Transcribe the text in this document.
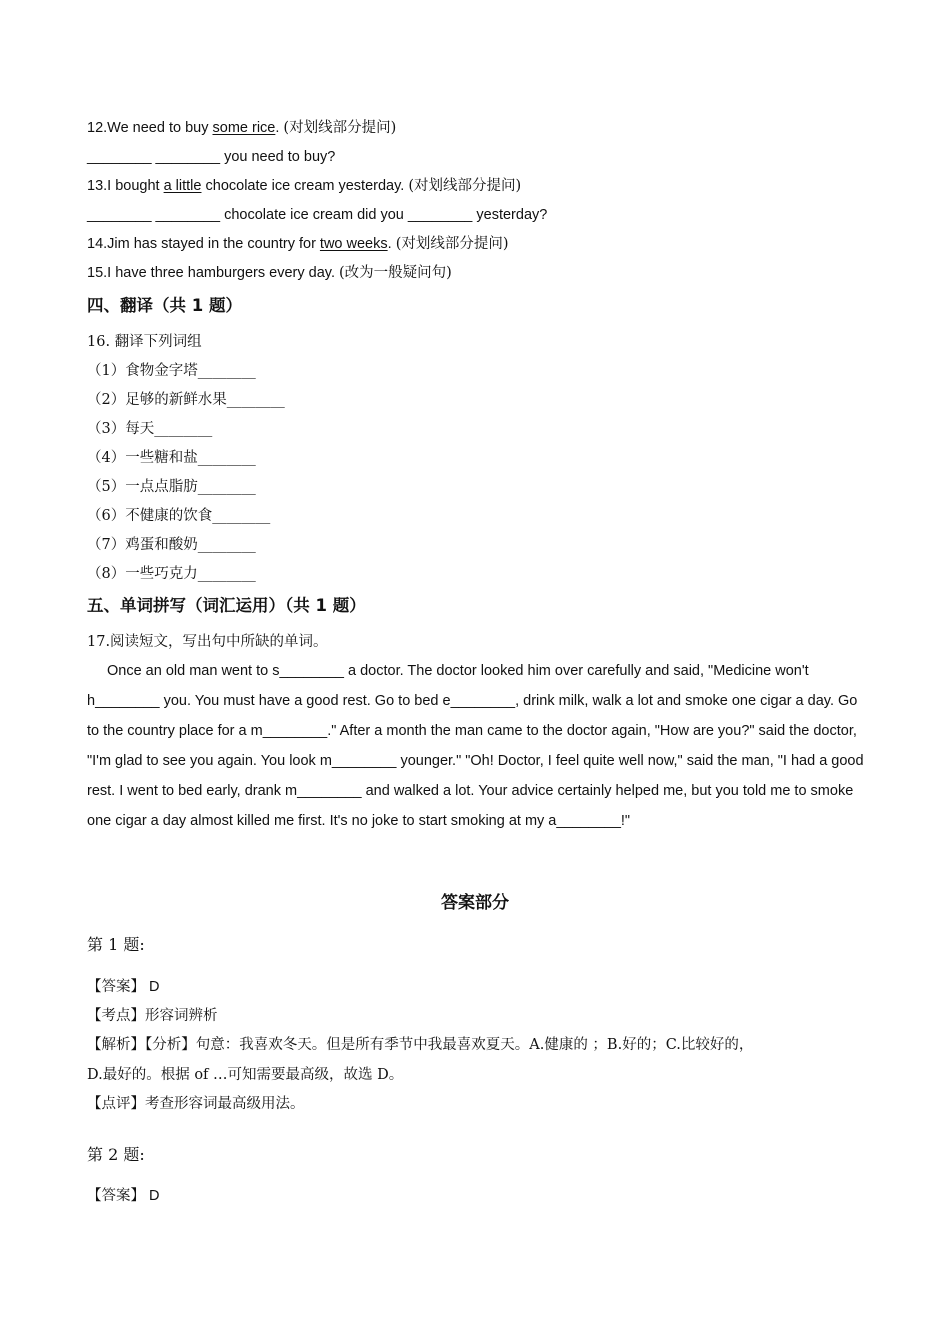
12.We need to buy some rice. (对划线部分提问)
________ ________ you need to buy?
13.I bought a little chocolate ice cream yesterday. (对划线部分提问)
________ ________ chocolate ice cream did you ________ yesterday?
14.Jim has stayed in the country for two weeks. (对划线部分提问)
15.I have three hamburgers every day. (改为一般疑问句)
四、翻译（共 1 题）
16. 翻译下列词组
（1）食物金字塔________
（2）足够的新鲜水果________
（3）每天________
（4）一些糖和盐________
（5）一点点脂肪________
（6）不健康的饮食________
（7）鸡蛋和酸奶________
（8）一些巧克力________
五、单词拼写（词汇运用）（共 1 题）
17.阅读短文，写出句中所缺的单词。
Once an old man went to s________ a doctor. The doctor looked him over carefully and said, "Medicine won't h________ you. You must have a good rest. Go to bed e________, drink milk, walk a lot and smoke one cigar a day. Go to the country place for a m________." After a month the man came to the doctor again, "How are you?" said the doctor, "I'm glad to see you again. You look m________ younger." "Oh! Doctor, I feel quite well now," said the man, "I had a good rest. I went to bed early, drank m________ and walked a lot. Your advice certainly helped me, but you told me to smoke one cigar a day almost killed me first. It's no joke to start smoking at my a________!"
答案部分
第 1 题:
【答案】 D
【考点】形容词辨析
【解析】【分析】句意：我喜欢冬天。但是所有季节中我最喜欢夏天。A.健康的 ；B.好的；C.比较好的，
D.最好的。根据 of …可知需要最高级，故选 D。
【点评】考查形容词最高级用法。
第 2 题:
【答案】 D
